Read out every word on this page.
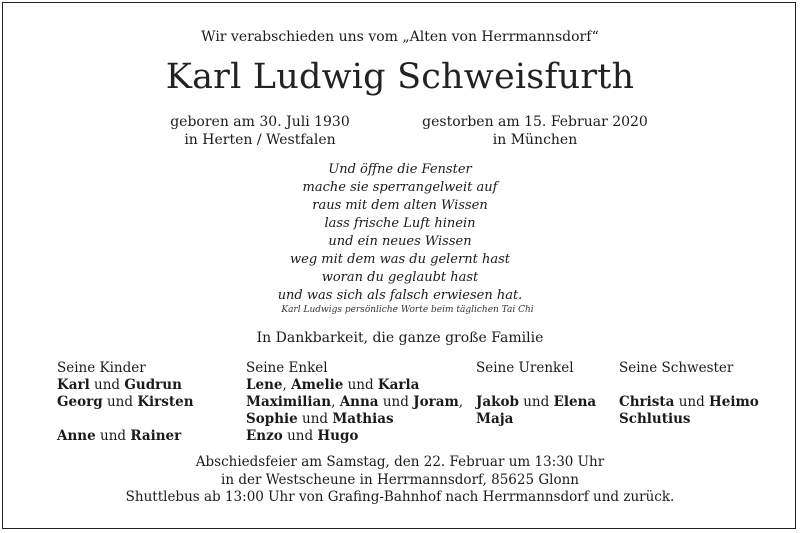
Wir verabschieden uns vom „Alten von Herrmannsdorf“
Karl Ludwig Schweisfurth
geboren am 30. Juli 1930
in Herten / Westfalen
gestorben am 15. Februar 2020
in München
Und öffne die Fenster
mache sie sperrangelweit auf
raus mit dem alten Wissen
lass frische Luft hinein
und ein neues Wissen
weg mit dem was du gelernt hast
woran du geglaubt hast
und was sich als falsch erwiesen hat.
Karl Ludwigs persönliche Worte beim täglichen Tai Chi
In Dankbarkeit, die ganze große Familie
Seine Kinder
Karl und Gudrun
Georg und Kirsten
Anne und Rainer
Seine Enkel
Lene, Amelie und Karla
Maximilian, Anna und Joram,
Sophie und Mathias
Enzo und Hugo
Seine Urenkel
Jakob und Elena
Maja
Seine Schwester
Christa und Heimo
Schlutius
Abschiedsfeier am Samstag, den 22. Februar um 13:30 Uhr
in der Westscheune in Herrmannsdorf, 85625 Glonn
Shuttlebus ab 13:00 Uhr von Grafing-Bahnhof nach Herrmannsdorf und zurück.
